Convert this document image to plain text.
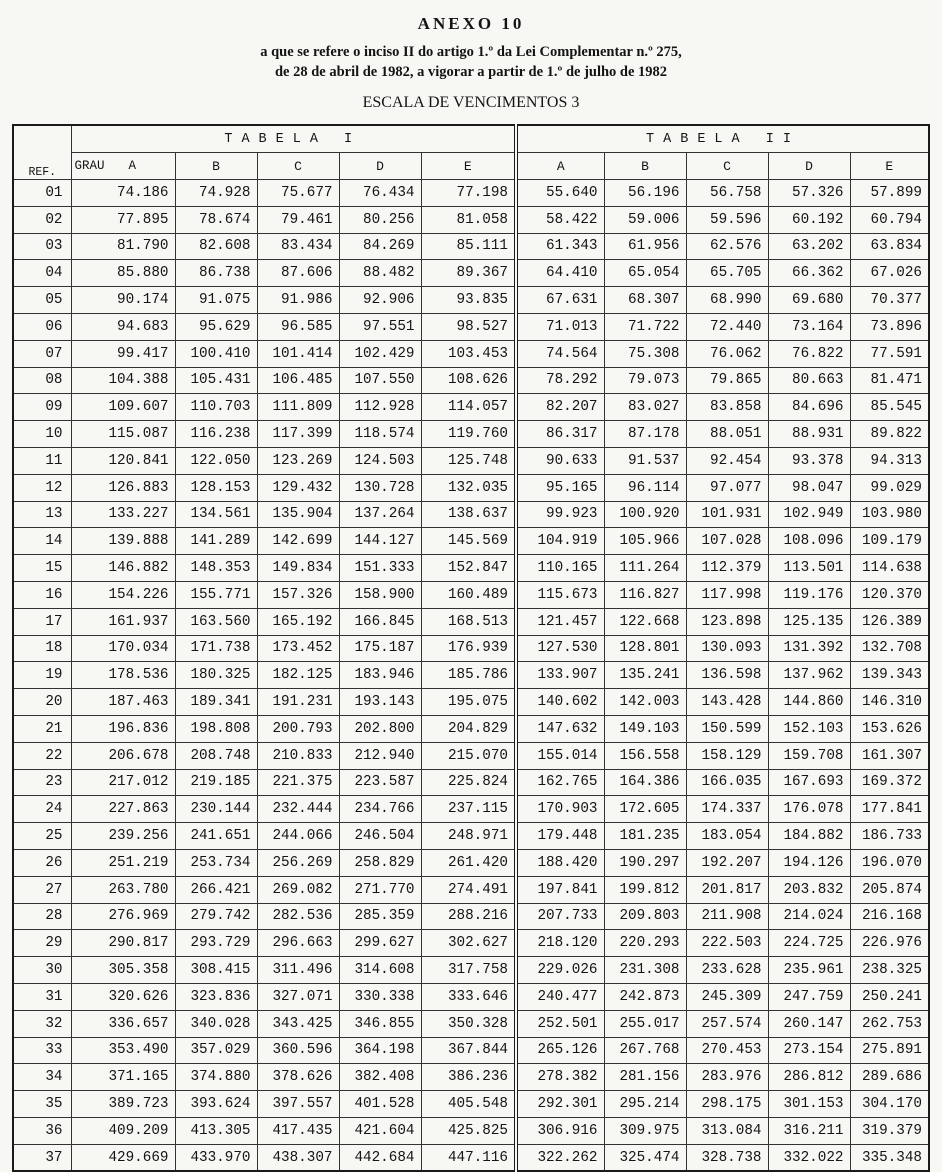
ANEXO 10
a que se refere o inciso II do artigo 1.º da Lei Complementar n.º 275,
de 28 de abril de 1982, a vigorar a partir de 1.º de julho de 1982
ESCALA DE VENCIMENTOS 3
REF.	TABELA I					TABELA II				
	GRAU A	B	C	D	E	A	B	C	D	E
01	74.186	74.928	75.677	76.434	77.198	55.640	56.196	56.758	57.326	57.899
02	77.895	78.674	79.461	80.256	81.058	58.422	59.006	59.596	60.192	60.794
03	81.790	82.608	83.434	84.269	85.111	61.343	61.956	62.576	63.202	63.834
04	85.880	86.738	87.606	88.482	89.367	64.410	65.054	65.705	66.362	67.026
05	90.174	91.075	91.986	92.906	93.835	67.631	68.307	68.990	69.680	70.377
06	94.683	95.629	96.585	97.551	98.527	71.013	71.722	72.440	73.164	73.896
07	99.417	100.410	101.414	102.429	103.453	74.564	75.308	76.062	76.822	77.591
08	104.388	105.431	106.485	107.550	108.626	78.292	79.073	79.865	80.663	81.471
09	109.607	110.703	111.809	112.928	114.057	82.207	83.027	83.858	84.696	85.545
10	115.087	116.238	117.399	118.574	119.760	86.317	87.178	88.051	88.931	89.822
11	120.841	122.050	123.269	124.503	125.748	90.633	91.537	92.454	93.378	94.313
12	126.883	128.153	129.432	130.728	132.035	95.165	96.114	97.077	98.047	99.029
13	133.227	134.561	135.904	137.264	138.637	99.923	100.920	101.931	102.949	103.980
14	139.888	141.289	142.699	144.127	145.569	104.919	105.966	107.028	108.096	109.179
15	146.882	148.353	149.834	151.333	152.847	110.165	111.264	112.379	113.501	114.638
16	154.226	155.771	157.326	158.900	160.489	115.673	116.827	117.998	119.176	120.370
17	161.937	163.560	165.192	166.845	168.513	121.457	122.668	123.898	125.135	126.389
18	170.034	171.738	173.452	175.187	176.939	127.530	128.801	130.093	131.392	132.708
19	178.536	180.325	182.125	183.946	185.786	133.907	135.241	136.598	137.962	139.343
20	187.463	189.341	191.231	193.143	195.075	140.602	142.003	143.428	144.860	146.310
21	196.836	198.808	200.793	202.800	204.829	147.632	149.103	150.599	152.103	153.626
22	206.678	208.748	210.833	212.940	215.070	155.014	156.558	158.129	159.708	161.307
23	217.012	219.185	221.375	223.587	225.824	162.765	164.386	166.035	167.693	169.372
24	227.863	230.144	232.444	234.766	237.115	170.903	172.605	174.337	176.078	177.841
25	239.256	241.651	244.066	246.504	248.971	179.448	181.235	183.054	184.882	186.733
26	251.219	253.734	256.269	258.829	261.420	188.420	190.297	192.207	194.126	196.070
27	263.780	266.421	269.082	271.770	274.491	197.841	199.812	201.817	203.832	205.874
28	276.969	279.742	282.536	285.359	288.216	207.733	209.803	211.908	214.024	216.168
29	290.817	293.729	296.663	299.627	302.627	218.120	220.293	222.503	224.725	226.976
30	305.358	308.415	311.496	314.608	317.758	229.026	231.308	233.628	235.961	238.325
31	320.626	323.836	327.071	330.338	333.646	240.477	242.873	245.309	247.759	250.241
32	336.657	340.028	343.425	346.855	350.328	252.501	255.017	257.574	260.147	262.753
33	353.490	357.029	360.596	364.198	367.844	265.126	267.768	270.453	273.154	275.891
34	371.165	374.880	378.626	382.408	386.236	278.382	281.156	283.976	286.812	289.686
35	389.723	393.624	397.557	401.528	405.548	292.301	295.214	298.175	301.153	304.170
36	409.209	413.305	417.435	421.604	425.825	306.916	309.975	313.084	316.211	319.379
37	429.669	433.970	438.307	442.684	447.116	322.262	325.474	328.738	332.022	335.348
